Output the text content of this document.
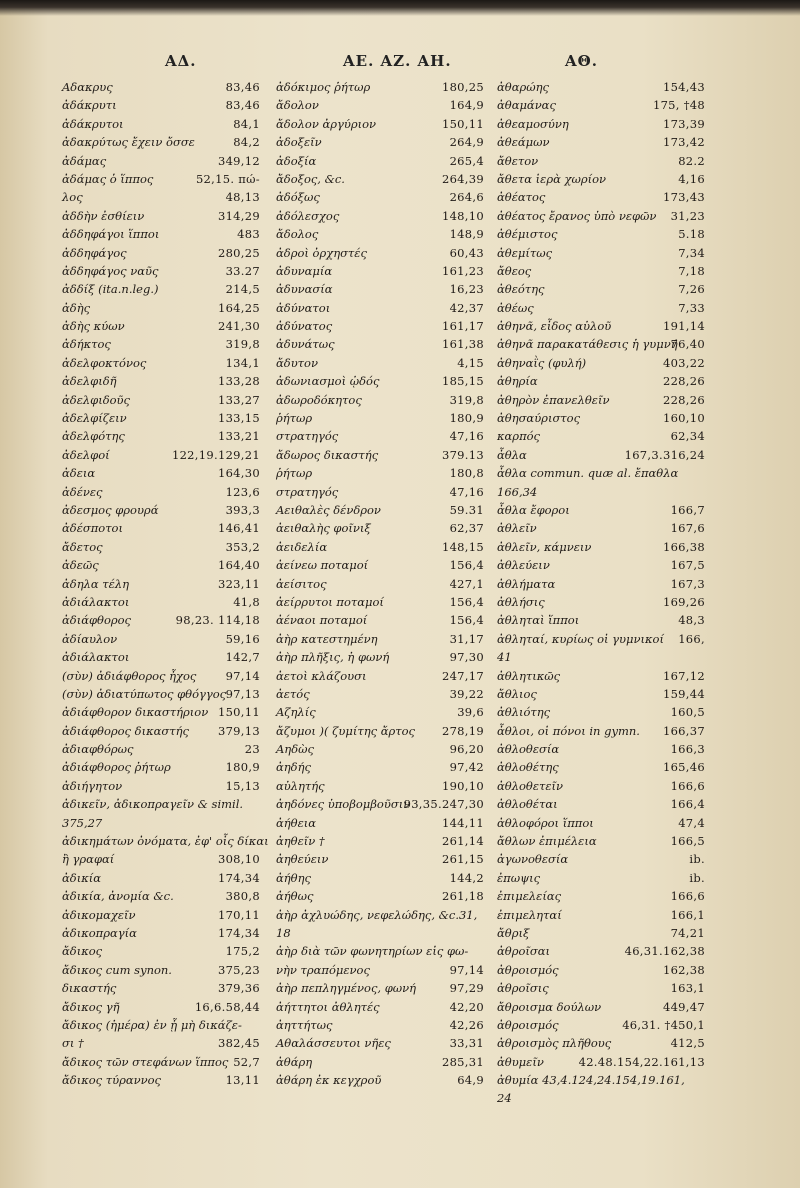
ΑΔ.	ΑΕ. ΑΖ. ΑΗ.	ΑΘ.
Αδακρυς	83,46
ἀδάκρυτι	83,46
ἀδάκρυτοι	84,1
ἀδακρύτως ἔχειν ὄσσε	84,2
ἀδάμας	349,12
ἀδάμας ὁ ἵππος	52,15. πώ-
λος	48,13
ἀδδὴν ἐσθίειν	314,29
ἀδδηφάγοι ἵπποι	483
ἀδδηφάγος	280,25
ἀδδηφάγος ναῦς	33.27
ἀδδίξ (ita.n.leg.)	214,5
ἀδὴς	164,25
ἀδὴς κύων	241,30
ἀδήκτος	319,8
ἀδελφοκτόνος	134,1
ἀδελφιδῆ	133,28
ἀδελφιδοῦς	133,27
ἀδελφίζειν	133,15
ἀδελφότης	133,21
ἀδελφοί	122,19.129,21
ἀδεια	164,30
ἀδένες	123,6
ἀδεσμος φρουρά	393,3
ἀδέσποτοι	146,41
ἄδετος	353,2
ἀδεῶς	164,40
ἀδηλα τέλη	323,11
ἀδιάλακτοι	41,8
ἀδιάφθορος	98,23. 114,18
ἀδίαυλον	59,16
ἀδιάλακτοι	142,7
(σὺν) ἀδιάφθορος ἦχος	97,14
(σὺν) ἀδιατύπωτος φθόγγος 97,13
ἀδιάφθορον δικαστήριον 150,11
ἀδιάφθορος δικαστής	379,13
ἀδιαφθόρως	23
ἀδιάφθορος ῥήτωρ	180,9
ἀδιήγητον	15,13
ἀδικεῖν, ἀδικοπραγεῖν & simil.
375,27
ἀδικημάτων ὀνόματα, ἐφ' οἷς δίκαι
ἢ γραφαί	308,10
ἀδικία	174,34
ἀδικία, ἀνομία &c.	380,8
ἀδικομαχεῖν	170,11
ἀδικοπραγία	174,34
ἄδικος	175,2
ἄδικος cum synon.	375,23
δικαστής	379,36
ἄδικος γῆ	16,6.58,44
ἄδικος (ἡμέρα) ἐν ᾗ μὴ δικάζε-
σι †	382,45
ἄδικος τῶν στεφάνων ἵππος 52,7
ἄδικος τύραννος	13,11
ἀδόκιμος ῥήτωρ	180,25
ἄδολον	164,9
ἄδολον ἀργύριον	150,11
ἀδοξεῖν	264,9
ἀδοξία	265,4
ἄδοξος, &c.	264,39
ἀδόξως	264,6
ἀδόλεσχος	148,10
ἄδολος	148,9
ἀδροὶ ὀρχηστές	60,43
ἀδυναμία	161,23
ἀδυνασία	16,23
ἀδύνατοι	42,37
ἀδύνατος	161,17
ἀδυνάτως	161,38
ἄδυτον	4,15
ἀδωνιασμοὶ ᾠδός	185,15
ἀδωροδόκητος	319,8
ῥήτωρ	180,9
στρατηγός	47,16
ἄδωρος δικαστής	379.13
ῥήτωρ	180,8
στρατηγός	47,16
Αειθαλὲς δένδρον	59.31
ἀειθαλὴς φοῖνιξ	62,37
ἀειδελία	148,15
ἀείνεω ποταμοί	156,4
ἀείσιτος	427,1
ἀείρρυτοι ποταμοί	156,4
ἀέναοι ποταμοί	156,4
ἀὴρ κατεστημένη	31,17
ἀὴρ πλῆξις, ἡ φωνή	97,30
ἀετοὶ κλάζουσι	247,17
ἀετός	39,22
Αζηλίς	39,6
ἄζυμοι )( ζυμίτης ἄρτος 278,19
Αηδὼς	96,20
ἀηδής	97,42
αὐλητής	190,10
ἀηδόνες ὑποβομβοῦσιν
93,35.247,30
ἀήθεια	144,11
ἀηθεῖν †	261,14
ἀηθεύειν	261,15
ἀήθης	144,2
ἀήθως	261,18
ἀὴρ ἀχλυώδης, νεφελώδης, &c.31,
18
ἀὴρ διὰ τῶν φωνητηρίων εἰς φω-
νὴν τραπόμενος	97,14
ἀὴρ πεπληγμένος, φωνή	97,29
ἀήττητοι ἀθλητές	42,20
ἀηττήτως	42,26
Αθαλάσσευτοι νῆες	33,31
ἀθάρη	285,31
ἀθάρη ἐκ κεγχροῦ	64,9
ἀθαρώης	154,43
ἀθαμάνας	175, †48
ἀθεαμοσύνη	173,39
ἀθεάμων	173,42
ἄθετον	82.2
ἄθετα ἱερὰ χωρίον	4,16
ἀθέατος	173,43
ἀθέατος ἔρανος ὑπὸ νεφῶν 31,23
ἀθέμιστος	5.18
ἀθεμίτως	7,34
ἄθεος	7,18
ἀθεότης	7,26
ἀθέως	7,33
ἀθηνᾶ, εἶδος αὐλοῦ	191,14
ἀθηνᾶ παρακατάθεσις ἡ γυμνή
76,40
ἀθηναῒς (φυλή)	403,22
ἀθηρία	228,26
ἀθηρὸν ἐπανελθεῖν	228,26
ἀθησαύριστος	160,10
καρπός	62,34
ἆθλα	167,3.316,24
ἆθλα commun. quæ al. ἔπαθλα
166,34
ἆθλα ἔφοροι	166,7
ἀθλεῖν	167,6
ἀθλεῖν, κάμνειν	166,38
ἀθλεύειν	167,5
ἀθλήματα	167,3
ἀθλήσις	169,26
ἀθληταὶ ἵπποι	48,3
ἀθληταί, κυρίως οἱ γυμνικοί 166,
41
ἀθλητικῶς	167,12
ἄθλιος	159,44
ἀθλιότης	160,5
ἆθλοι, οἱ πόνοι in gymn. 166,37
ἀθλοθεσία	166,3
ἀθλοθέτης	165,46
ἀθλοθετεῖν	166,6
ἀθλοθέται	166,4
ἀθλοφόροι ἵπποι	47,4
ἄθλων ἐπιμέλεια	166,5
ἀγωνοθεσία	ib.
ἐπωψις	ib.
ἐπιμελείας	166,6
ἐπιμεληταί	166,1
ἄθριξ	74,21
ἀθροῖσαι	46,31.162,38
ἀθροισμός	162,38
ἀθροῖσις	163,1
ἄθροισμα δούλων	449,47
ἀθροισμός	46,31. †450,1
ἀθροισμὸς πλῆθους	412,5
ἀθυμεῖν	42.48.154,22.161,13
ἀθυμία 43,4.124,24.154,19.161,
24
